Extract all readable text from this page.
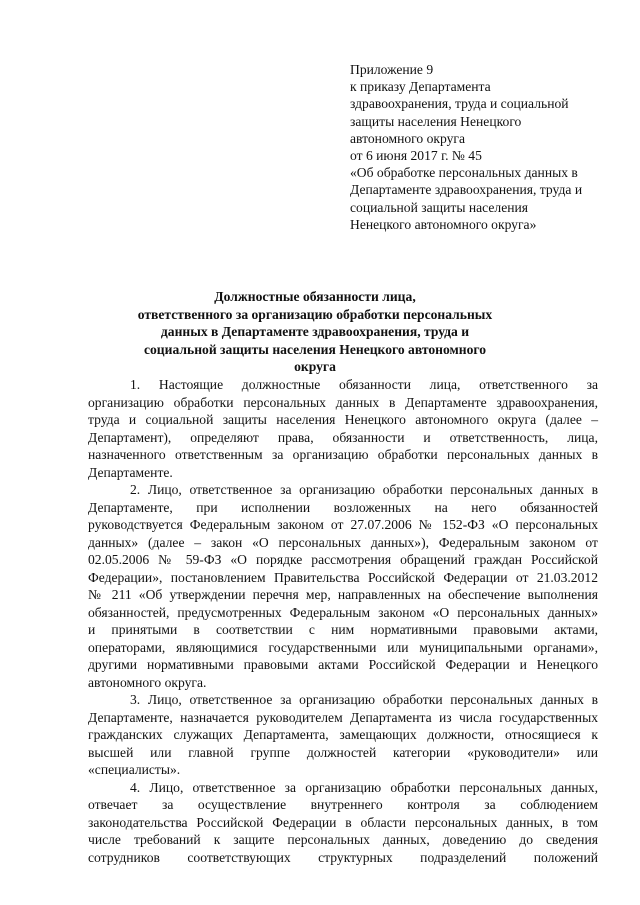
Приложение 9
к приказу Департамента
здравоохранения, труда и социальной
защиты населения Ненецкого
автономного округа
от 6 июня 2017 г. № 45
«Об обработке персональных данных в
Департаменте здравоохранения, труда и
социальной защиты населения
Ненецкого автономного округа»
Должностные обязанности лица,
ответственного за организацию обработки персональных
данных в Департаменте здравоохранения, труда и
социальной защиты населения Ненецкого автономного
округа
1. Настоящие должностные обязанности лица, ответственного за
организацию обработки персональных данных в Департаменте здравоохранения,
труда и социальной защиты населения Ненецкого автономного округа (далее –
Департамент), определяют права, обязанности и ответственность, лица,
назначенного ответственным за организацию обработки персональных данных в
Департаменте.
2. Лицо, ответственное за организацию обработки персональных данных в
Департаменте, при исполнении возложенных на него обязанностей
руководствуется Федеральным законом от 27.07.2006 № 152-ФЗ «О персональных
данных» (далее – закон «О персональных данных»), Федеральным законом от
02.05.2006 № 59-ФЗ «О порядке рассмотрения обращений граждан Российской
Федерации», постановлением Правительства Российской Федерации от 21.03.2012
№ 211 «Об утверждении перечня мер, направленных на обеспечение выполнения
обязанностей, предусмотренных Федеральным законом «О персональных данных»
и принятыми в соответствии с ним нормативными правовыми актами,
операторами, являющимися государственными или муниципальными органами»,
другими нормативными правовыми актами Российской Федерации и Ненецкого
автономного округа.
3. Лицо, ответственное за организацию обработки персональных данных в
Департаменте, назначается руководителем Департамента из числа государственных
гражданских служащих Департамента, замещающих должности, относящиеся к
высшей или главной группе должностей категории «руководители» или
«специалисты».
4. Лицо, ответственное за организацию обработки персональных данных,
отвечает за осуществление внутреннего контроля за соблюдением
законодательства Российской Федерации в области персональных данных, в том
числе требований к защите персональных данных, доведению до сведения
сотрудников соответствующих структурных подразделений положений
